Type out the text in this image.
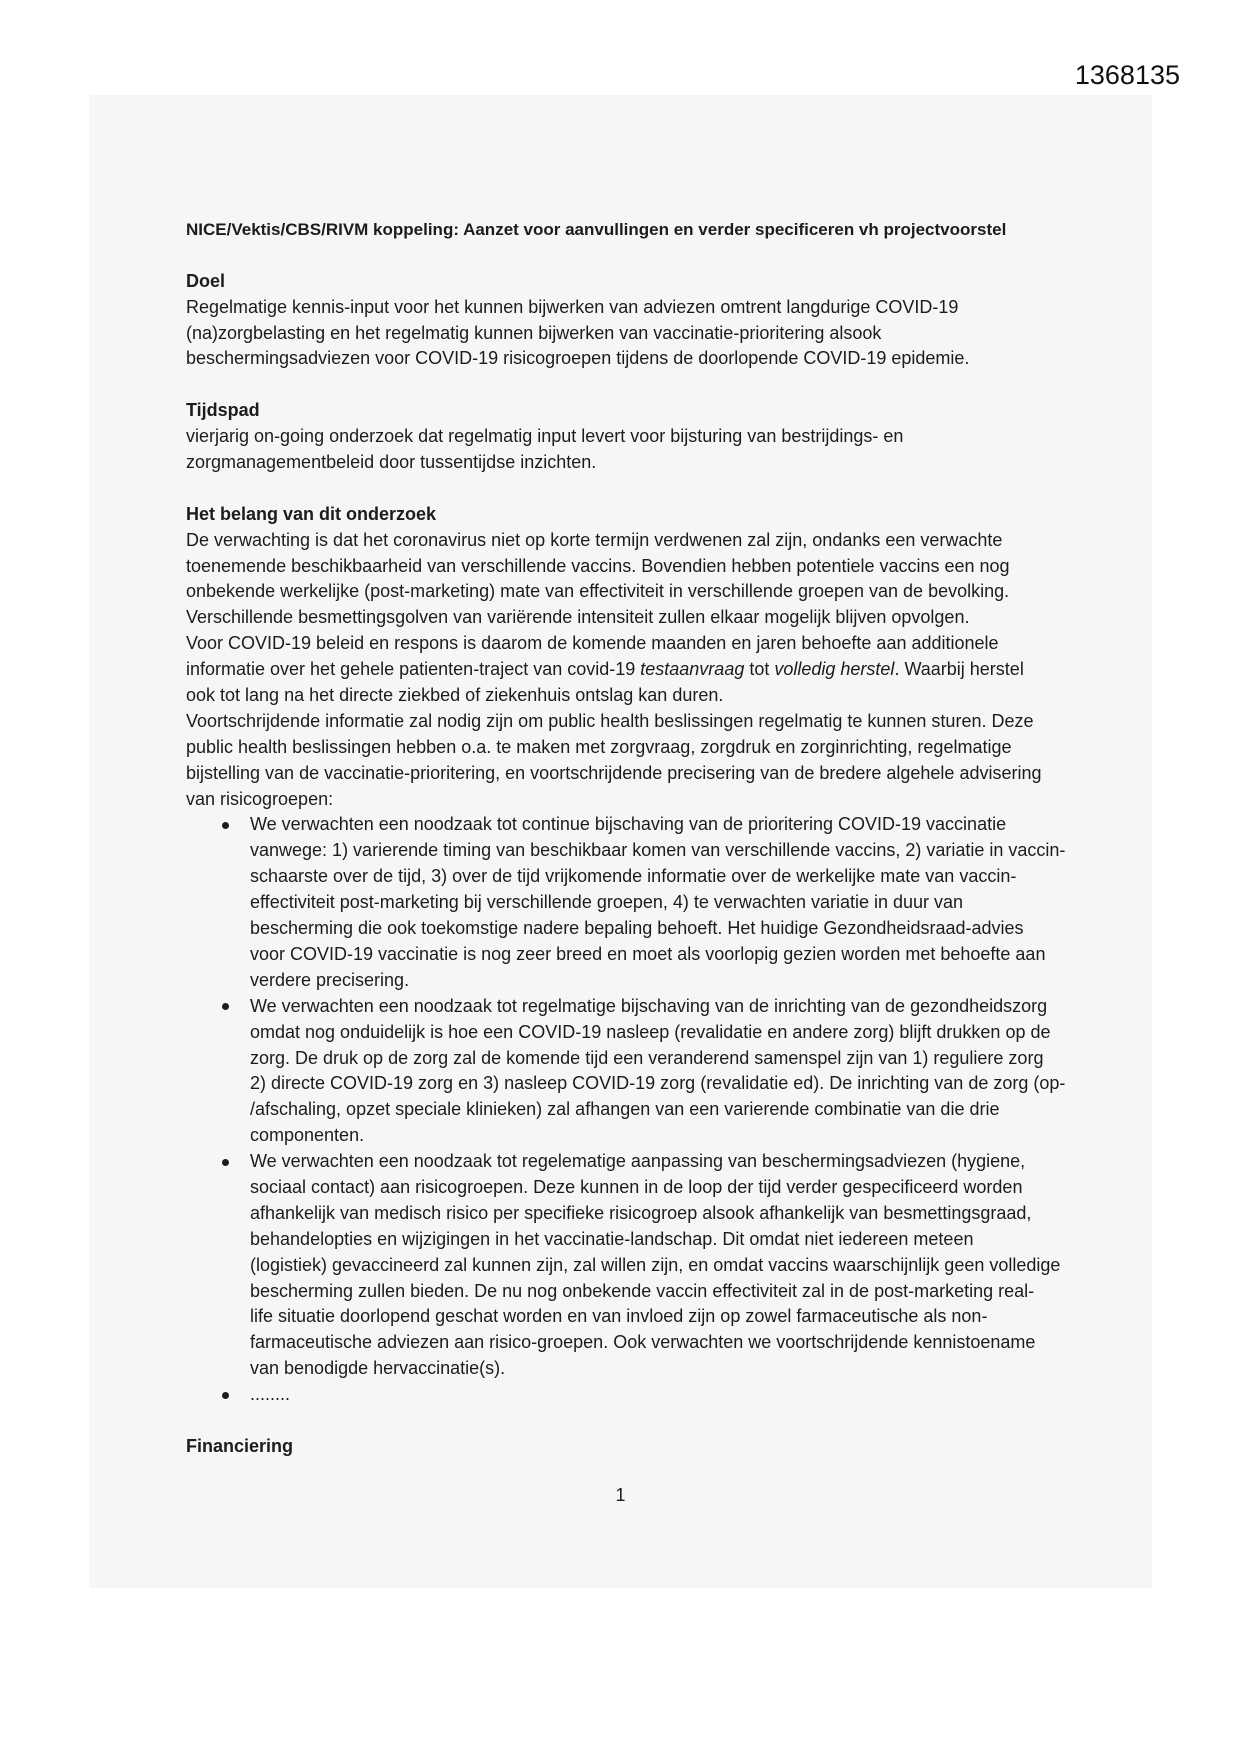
1368135
NICE/Vektis/CBS/RIVM koppeling: Aanzet voor aanvullingen en verder specificeren vh projectvoorstel
Doel
Regelmatige kennis-input voor het kunnen bijwerken van adviezen omtrent langdurige COVID-19
(na)zorgbelasting en het regelmatig kunnen bijwerken van vaccinatie-prioritering alsook
beschermingsadviezen voor COVID-19 risicogroepen tijdens de doorlopende COVID-19 epidemie.
Tijdspad
vierjarig on-going onderzoek dat regelmatig input levert voor bijsturing van bestrijdings- en
zorgmanagementbeleid door tussentijdse inzichten.
Het belang van dit onderzoek
De verwachting is dat het coronavirus niet op korte termijn verdwenen zal zijn, ondanks een verwachte
toenemende beschikbaarheid van verschillende vaccins. Bovendien hebben potentiele vaccins een nog
onbekende werkelijke (post-marketing) mate van effectiviteit in verschillende groepen van de bevolking.
Verschillende besmettingsgolven van variërende intensiteit zullen elkaar mogelijk blijven opvolgen.
Voor COVID-19 beleid en respons is daarom de komende maanden en jaren behoefte aan additionele
informatie over het gehele patienten-traject van covid-19 testaanvraag tot volledig herstel. Waarbij herstel
ook tot lang na het directe ziekbed of ziekenhuis ontslag kan duren.
Voortschrijdende informatie zal nodig zijn om public health beslissingen regelmatig te kunnen sturen. Deze
public health beslissingen hebben o.a. te maken met zorgvraag, zorgdruk en zorginrichting, regelmatige
bijstelling van de vaccinatie-prioritering, en voortschrijdende precisering van de bredere algehele advisering
van risicogroepen:
We verwachten een noodzaak tot continue bijschaving van de prioritering COVID-19 vaccinatie
vanwege: 1) varierende timing van beschikbaar komen van verschillende vaccins, 2) variatie in vaccin-
schaarste over de tijd, 3) over de tijd vrijkomende informatie over de werkelijke mate van vaccin-
effectiviteit post-marketing bij verschillende groepen, 4) te verwachten variatie in duur van
bescherming die ook toekomstige nadere bepaling behoeft. Het huidige Gezondheidsraad-advies
voor COVID-19 vaccinatie is nog zeer breed en moet als voorlopig gezien worden met behoefte aan
verdere precisering.
We verwachten een noodzaak tot regelmatige bijschaving van de inrichting van de gezondheidszorg
omdat nog onduidelijk is hoe een COVID-19 nasleep (revalidatie en andere zorg) blijft drukken op de
zorg. De druk op de zorg zal de komende tijd een veranderend samenspel zijn van 1) reguliere zorg
2) directe COVID-19 zorg en 3) nasleep COVID-19 zorg (revalidatie ed). De inrichting van de zorg (op-
/afschaling, opzet speciale klinieken) zal afhangen van een varierende combinatie van die drie
componenten.
We verwachten een noodzaak tot regelematige aanpassing van beschermingsadviezen (hygiene,
sociaal contact) aan risicogroepen. Deze kunnen in de loop der tijd verder gespecificeerd worden
afhankelijk van medisch risico per specifieke risicogroep alsook afhankelijk van besmettingsgraad,
behandelopties en wijzigingen in het vaccinatie-landschap. Dit omdat niet iedereen meteen
(logistiek) gevaccineerd zal kunnen zijn, zal willen zijn, en omdat vaccins waarschijnlijk geen volledige
bescherming zullen bieden. De nu nog onbekende vaccin effectiviteit zal in de post-marketing real-
life situatie doorlopend geschat worden en van invloed zijn op zowel farmaceutische als non-
farmaceutische adviezen aan risico-groepen. Ook verwachten we voortschrijdende kennistoename
van benodigde hervaccinatie(s).
........
Financiering
1
